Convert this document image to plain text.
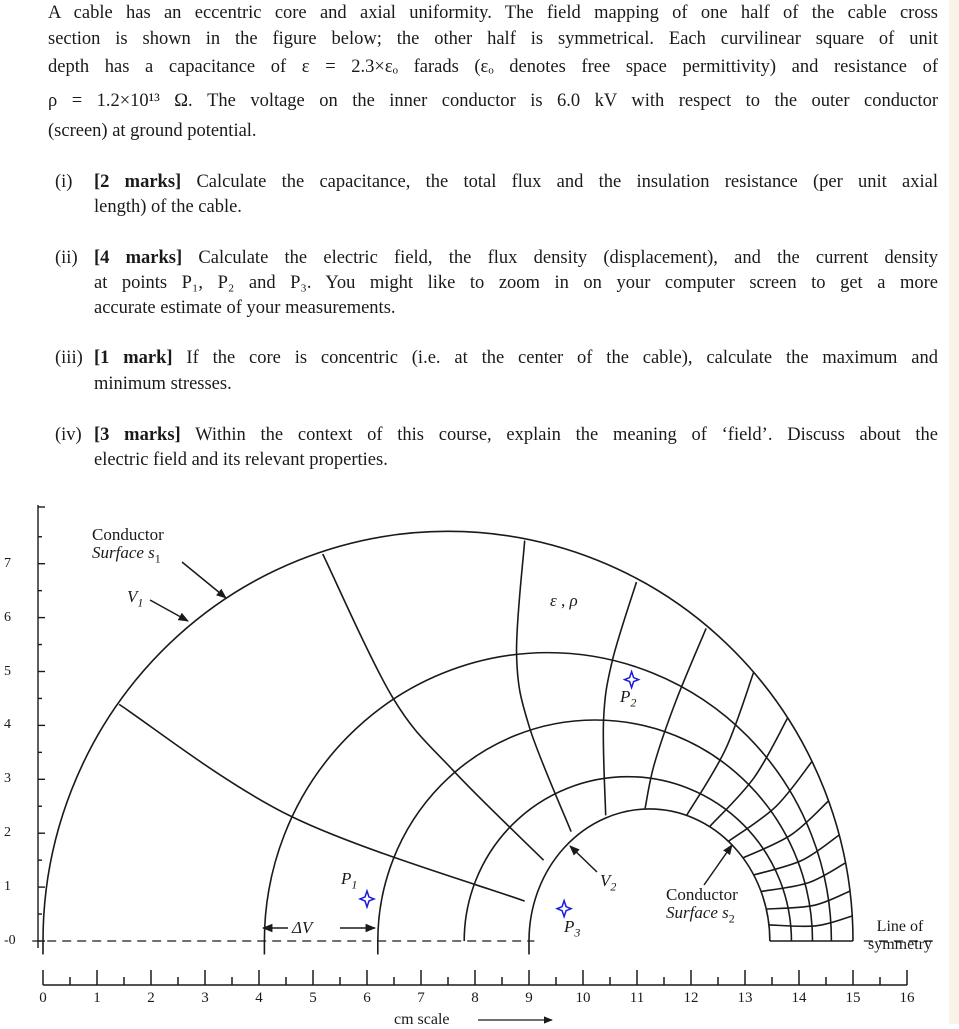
A cable has an eccentric core and axial uniformity. The field mapping of one half of the cable cross
section is shown in the figure below; the other half is symmetrical. Each curvilinear square of unit
depth has a capacitance of ε = 2.3×εₒ farads (εₒ denotes free space permittivity) and resistance of
ρ = 1.2×10¹³ Ω. The voltage on the inner conductor is 6.0 kV with respect to the outer conductor
(screen) at ground potential.
(i) [2 marks] Calculate the capacitance, the total flux and the insulation resistance (per unit axial
length) of the cable.
(ii) [4 marks] Calculate the electric field, the flux density (displacement), and the current density
at points P₁, P₂ and P₃. You might like to zoom in on your computer screen to get a more
accurate estimate of your measurements.
(iii) [1 mark] If the core is concentric (i.e. at the center of the cable), calculate the maximum and
minimum stresses.
(iv) [3 marks] Within the context of this course, explain the meaning of ‘field’. Discuss about the
electric field and its relevant properties.
Conductor
Surface $s_1$
$V_1$	ε , ρ
$P_2$
$P_1$
$P_3$
$V_2$	Conductor
Surface $s_2$
ΔV	Line of
symmetry
cm scale
0	1	2	3	4	5	6	7	8	9	10	11	12	13	14	15	16
7
6
5
4
3
2
1
-0
